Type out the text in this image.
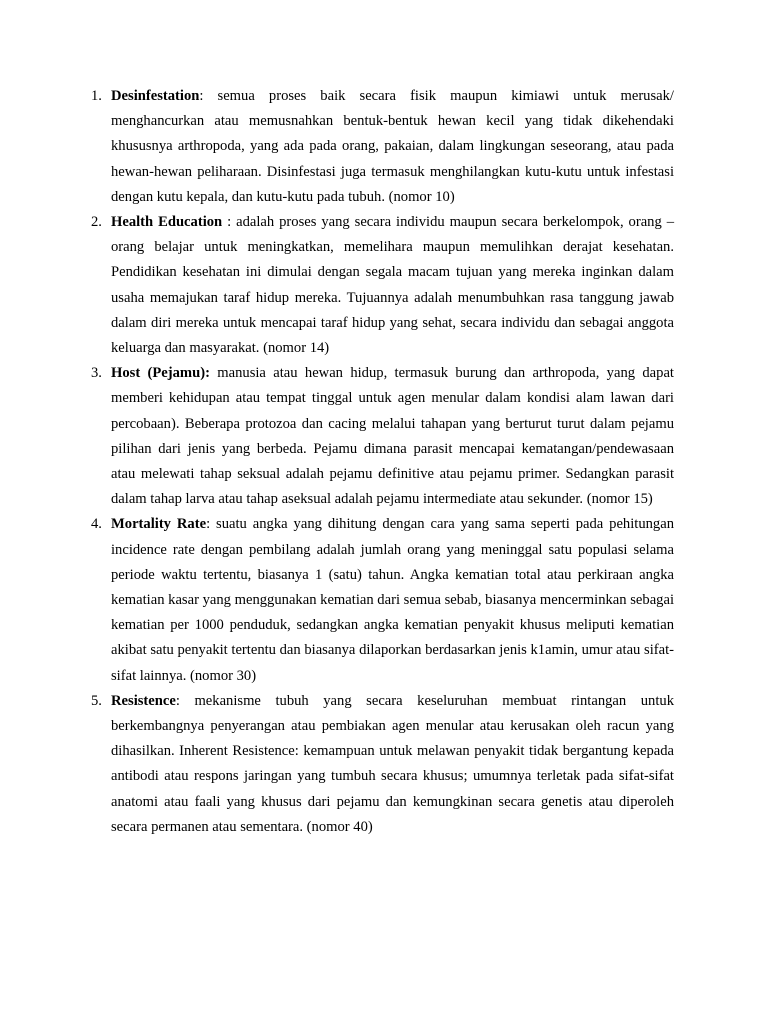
1. Desinfestation: semua proses baik secara fisik maupun kimiawi untuk merusak/ menghancurkan atau memusnahkan bentuk-bentuk hewan kecil yang tidak dikehendaki khususnya arthropoda, yang ada pada orang, pakaian, dalam lingkungan seseorang, atau pada hewan-hewan peliharaan. Disinfestasi juga termasuk menghilangkan kutu-kutu untuk infestasi dengan kutu kepala, dan kutu-kutu pada tubuh. (nomor 10)
2. Health Education : adalah proses yang secara individu maupun secara berkelompok, orang – orang belajar untuk meningkatkan, memelihara maupun memulihkan derajat kesehatan. Pendidikan kesehatan ini dimulai dengan segala macam tujuan yang mereka inginkan dalam usaha memajukan taraf hidup mereka. Tujuannya adalah menumbuhkan rasa tanggung jawab dalam diri mereka untuk mencapai taraf hidup yang sehat, secara individu dan sebagai anggota keluarga dan masyarakat. (nomor 14)
3. Host (Pejamu): manusia atau hewan hidup, termasuk burung dan arthropoda, yang dapat memberi kehidupan atau tempat tinggal untuk agen menular dalam kondisi alam lawan dari percobaan). Beberapa protozoa dan cacing melalui tahapan yang berturut turut dalam pejamu pilihan dari jenis yang berbeda. Pejamu dimana parasit mencapai kematangan/pendewasaan atau melewati tahap seksual adalah pejamu definitive atau pejamu primer. Sedangkan parasit dalam tahap larva atau tahap aseksual adalah pejamu intermediate atau sekunder. (nomor 15)
4. Mortality Rate: suatu angka yang dihitung dengan cara yang sama seperti pada pehitungan incidence rate dengan pembilang adalah jumlah orang yang meninggal satu populasi selama periode waktu tertentu, biasanya 1 (satu) tahun. Angka kematian total atau perkiraan angka kematian kasar yang menggunakan kematian dari semua sebab, biasanya mencerminkan sebagai kematian per 1000 penduduk, sedangkan angka kematian penyakit khusus meliputi kematian akibat satu penyakit tertentu dan biasanya dilaporkan berdasarkan jenis k1amin, umur atau sifat-sifat lainnya. (nomor 30)
5. Resistence: mekanisme tubuh yang secara keseluruhan membuat rintangan untuk berkembangnya penyerangan atau pembiakan agen menular atau kerusakan oleh racun yang dihasilkan. Inherent Resistence: kemampuan untuk melawan penyakit tidak bergantung kepada antibodi atau respons jaringan yang tumbuh secara khusus; umumnya terletak pada sifat-sifat anatomi atau faali yang khusus dari pejamu dan kemungkinan secara genetis atau diperoleh secara permanen atau sementara. (nomor 40)
